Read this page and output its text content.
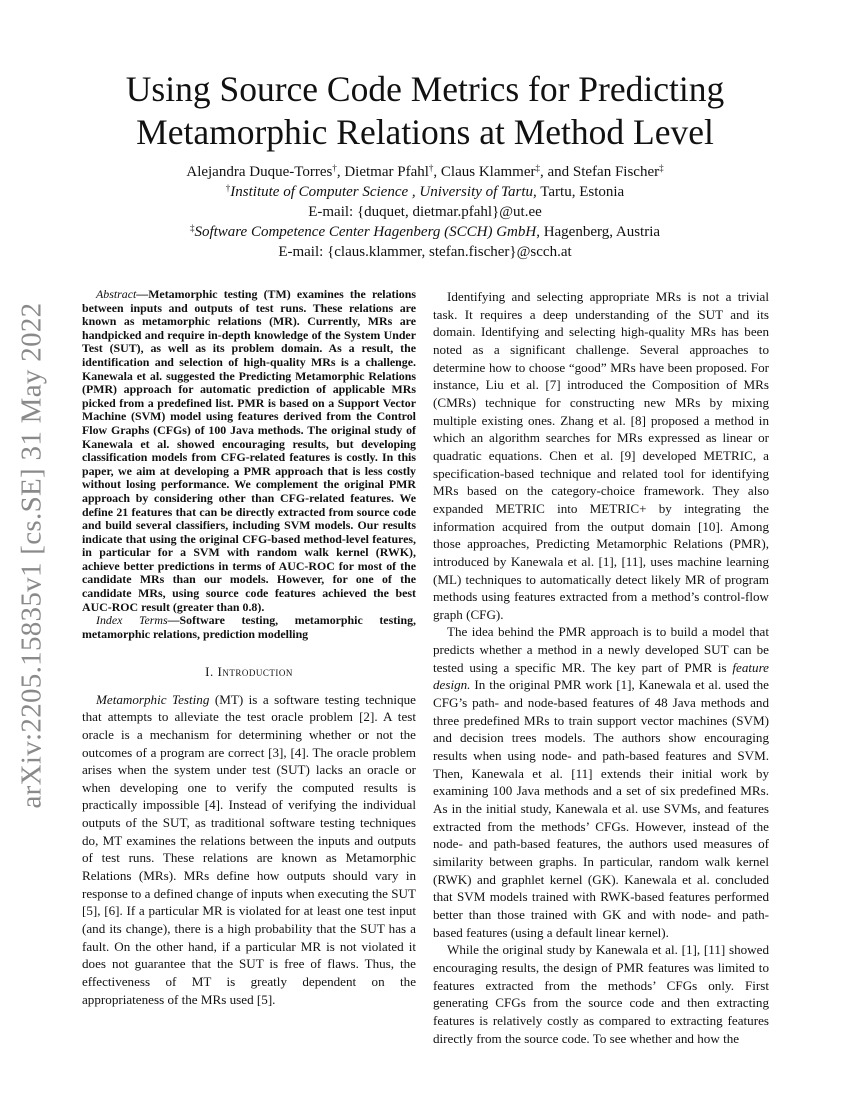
arXiv:2205.15835v1 [cs.SE] 31 May 2022
Using Source Code Metrics for Predicting
Metamorphic Relations at Method Level
Alejandra Duque-Torres†, Dietmar Pfahl†, Claus Klammer‡, and Stefan Fischer‡
†Institute of Computer Science , University of Tartu, Tartu, Estonia
E-mail: {duquet, dietmar.pfahl}@ut.ee
‡Software Competence Center Hagenberg (SCCH) GmbH, Hagenberg, Austria
E-mail: {claus.klammer, stefan.fischer}@scch.at

Abstract—Metamorphic testing (TM) examines the relations between inputs and outputs of test runs. These relations are known as metamorphic relations (MR). Currently, MRs are handpicked and require in-depth knowledge of the System Under Test (SUT), as well as its problem domain. As a result, the identification and selection of high-quality MRs is a challenge. Kanewala et al. suggested the Predicting Metamorphic Relations (PMR) approach for automatic prediction of applicable MRs picked from a predefined list. PMR is based on a Support Vector Machine (SVM) model using features derived from the Control Flow Graphs (CFGs) of 100 Java methods. The original study of Kanewala et al. showed encouraging results, but developing classification models from CFG-related features is costly. In this paper, we aim at developing a PMR approach that is less costly without losing performance. We complement the original PMR approach by considering other than CFG-related features. We define 21 features that can be directly extracted from source code and build several classifiers, including SVM models. Our results indicate that using the original CFG-based method-level features, in particular for a SVM with random walk kernel (RWK), achieve better predictions in terms of AUC-ROC for most of the candidate MRs than our models. However, for one of the candidate MRs, using source code features achieved the best AUC-ROC result (greater than 0.8).

Index Terms—Software testing, metamorphic testing, metamorphic relations, prediction modelling

I. Introduction

Metamorphic Testing (MT) is a software testing technique that attempts to alleviate the test oracle problem [2]. A test oracle is a mechanism for determining whether or not the outcomes of a program are correct [3], [4]. The oracle problem arises when the system under test (SUT) lacks an oracle or when developing one to verify the computed results is practically impossible [4]. Instead of verifying the individual outputs of the SUT, as traditional software testing techniques do, MT examines the relations between the inputs and outputs of test runs. These relations are known as Metamorphic Relations (MRs). MRs define how outputs should vary in response to a defined change of inputs when executing the SUT [5], [6]. If a particular MR is violated for at least one test input (and its change), there is a high probability that the SUT has a fault. On the other hand, if a particular MR is not violated it does not guarantee that the SUT is free of flaws. Thus, the effectiveness of MT is greatly dependent on the appropriateness of the MRs used [5].

Identifying and selecting appropriate MRs is not a trivial task. It requires a deep understanding of the SUT and its domain. Identifying and selecting high-quality MRs has been noted as a significant challenge. Several approaches to determine how to choose “good” MRs have been proposed. For instance, Liu et al. [7] introduced the Composition of MRs (CMRs) technique for constructing new MRs by mixing multiple existing ones. Zhang et al. [8] proposed a method in which an algorithm searches for MRs expressed as linear or quadratic equations. Chen et al. [9] developed METRIC, a specification-based technique and related tool for identifying MRs based on the category-choice framework. They also expanded METRIC into METRIC+ by integrating the information acquired from the output domain [10]. Among those approaches, Predicting Metamorphic Relations (PMR), introduced by Kanewala et al. [1], [11], uses machine learning (ML) techniques to automatically detect likely MR of program methods using features extracted from a method’s control-flow graph (CFG).

The idea behind the PMR approach is to build a model that predicts whether a method in a newly developed SUT can be tested using a specific MR. The key part of PMR is feature design. In the original PMR work [1], Kanewala et al. used the CFG’s path- and node-based features of 48 Java methods and three predefined MRs to train support vector machines (SVM) and decision trees models. The authors show encouraging results when using node- and path-based features and SVM. Then, Kanewala et al. [11] extends their initial work by examining 100 Java methods and a set of six predefined MRs. As in the initial study, Kanewala et al. use SVMs, and features extracted from the methods’ CFGs. However, instead of the node- and path-based features, the authors used measures of similarity between graphs. In particular, random walk kernel (RWK) and graphlet kernel (GK). Kanewala et al. concluded that SVM models trained with RWK-based features performed better than those trained with GK and with node- and path-based features (using a default linear kernel).

While the original study by Kanewala et al. [1], [11] showed encouraging results, the design of PMR features was limited to features extracted from the methods’ CFGs only. First generating CFGs from the source code and then extracting features is relatively costly as compared to extracting features directly from the source code. To see whether and how the
